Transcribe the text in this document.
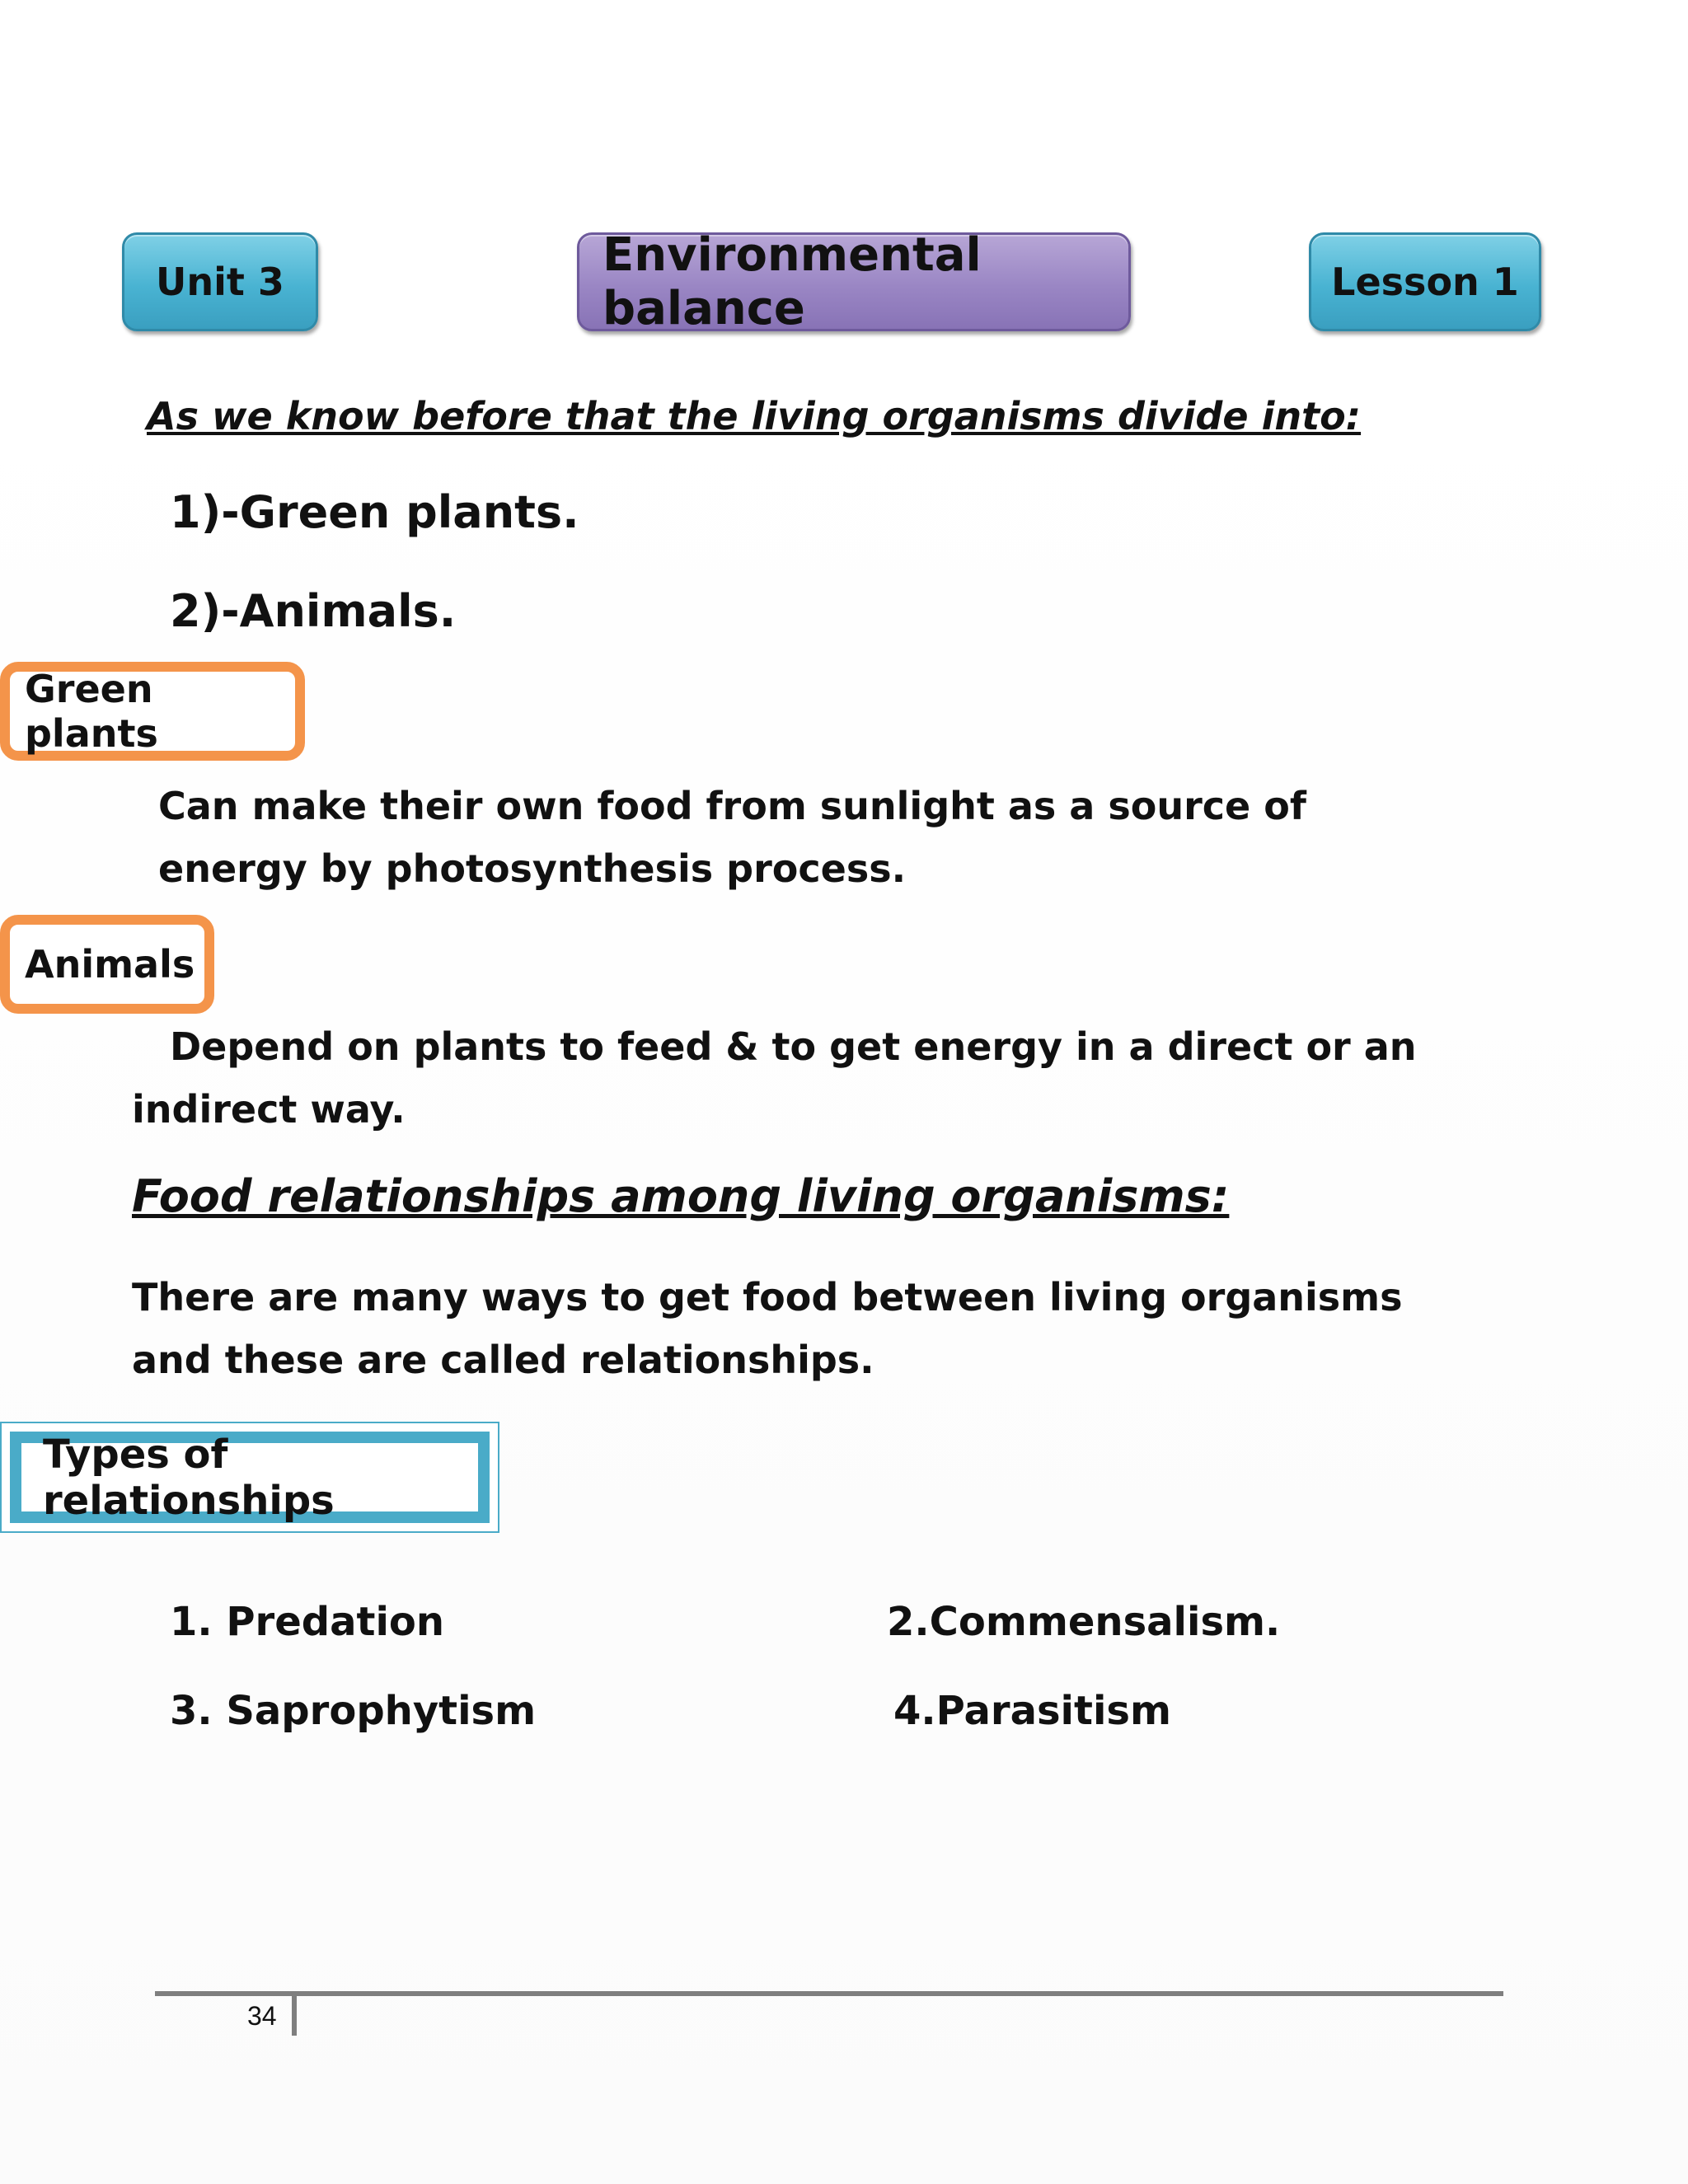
Unit 3	Environmental balance	Lesson 1
As we know before that the living organisms divide into:
1)-Green plants.
2)-Animals.
Green plants
Can make their own food from sunlight as a source of energy by photosynthesis process.
Animals
Depend on plants to feed & to get energy in a direct or an indirect way.
Food relationships among living organisms:
There are many ways to get food between living organisms and these are called relationships.
Types of relationships
1. Predation	2.Commensalism.
3. Saprophytism	4.Parasitism
34
